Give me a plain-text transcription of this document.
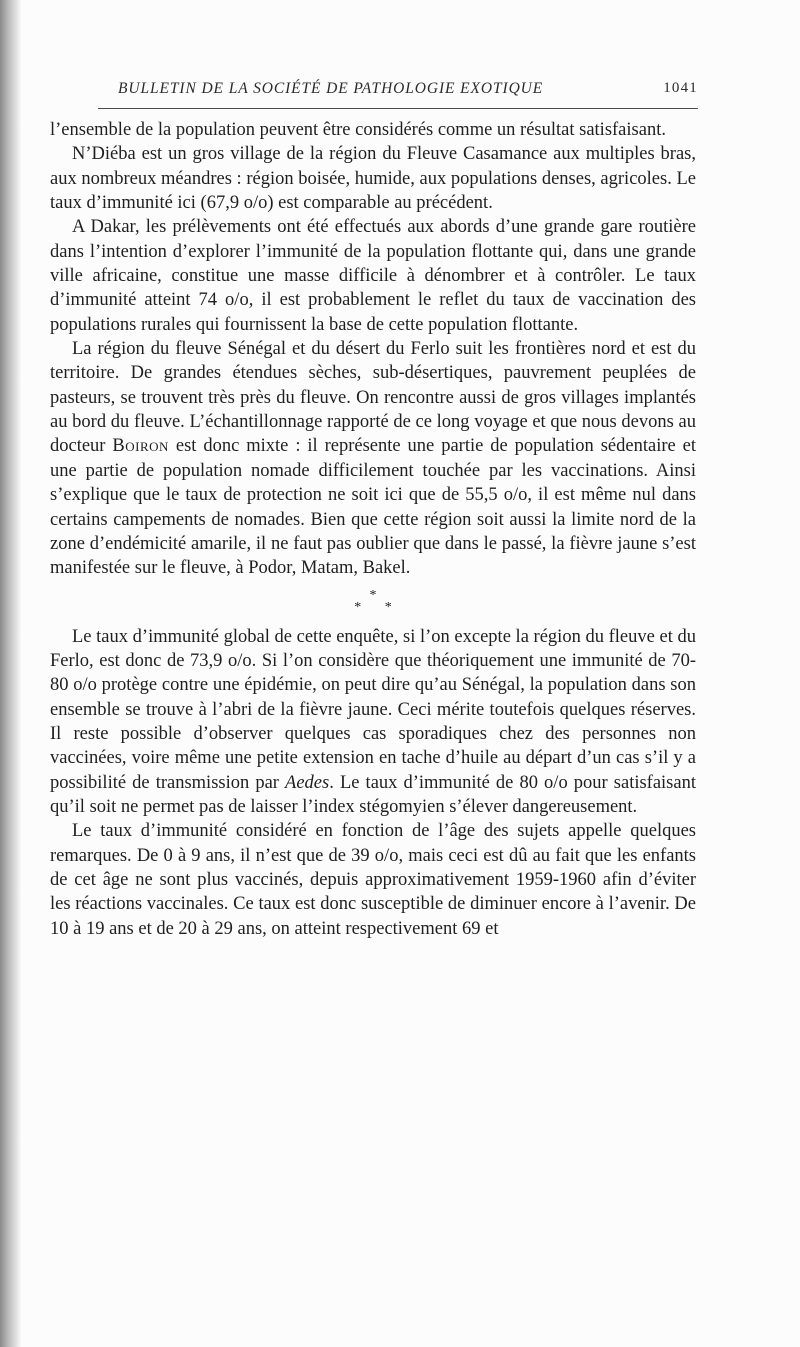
BULLETIN DE LA SOCIÉTÉ DE PATHOLOGIE EXOTIQUE	1041

l’ensemble de la population peuvent être considérés comme un résultat satisfaisant.

N’Diéba est un gros village de la région du Fleuve Casamance aux multiples bras, aux nombreux méandres : région boisée, humide, aux populations denses, agricoles. Le taux d’immunité ici (67,9 o/o) est comparable au précédent.

A Dakar, les prélèvements ont été effectués aux abords d’une grande gare routière dans l’intention d’explorer l’immunité de la population flottante qui, dans une grande ville africaine, constitue une masse difficile à dénombrer et à contrôler. Le taux d’immunité atteint 74 o/o, il est probablement le reflet du taux de vaccination des populations rurales qui fournissent la base de cette population flottante.

La région du fleuve Sénégal et du désert du Ferlo suit les frontières nord et est du territoire. De grandes étendues sèches, sub-désertiques, pauvrement peuplées de pasteurs, se trouvent très près du fleuve. On rencontre aussi de gros villages implantés au bord du fleuve. L’échantillonnage rapporté de ce long voyage et que nous devons au docteur Boiron est donc mixte : il représente une partie de population sédentaire et une partie de population nomade difficilement touchée par les vaccinations. Ainsi s’explique que le taux de protection ne soit ici que de 55,5 o/o, il est même nul dans certains campements de nomades. Bien que cette région soit aussi la limite nord de la zone d’endémicité amarile, il ne faut pas oublier que dans le passé, la fièvre jaune s’est manifestée sur le fleuve, à Podor, Matam, Bakel.

*
* *

Le taux d’immunité global de cette enquête, si l’on excepte la région du fleuve et du Ferlo, est donc de 73,9 o/o. Si l’on considère que théoriquement une immunité de 70-80 o/o protège contre une épidémie, on peut dire qu’au Sénégal, la population dans son ensemble se trouve à l’abri de la fièvre jaune. Ceci mérite toutefois quelques réserves. Il reste possible d’observer quelques cas sporadiques chez des personnes non vaccinées, voire même une petite extension en tache d’huile au départ d’un cas s’il y a possibilité de transmission par Aedes. Le taux d’immunité de 80 o/o pour satisfaisant qu’il soit ne permet pas de laisser l’index stégomyien s’élever dangereusement.

Le taux d’immunité considéré en fonction de l’âge des sujets appelle quelques remarques. De 0 à 9 ans, il n’est que de 39 o/o, mais ceci est dû au fait que les enfants de cet âge ne sont plus vaccinés, depuis approximativement 1959-1960 afin d’éviter les réactions vaccinales. Ce taux est donc susceptible de diminuer encore à l’avenir. De 10 à 19 ans et de 20 à 29 ans, on atteint respectivement 69 et
